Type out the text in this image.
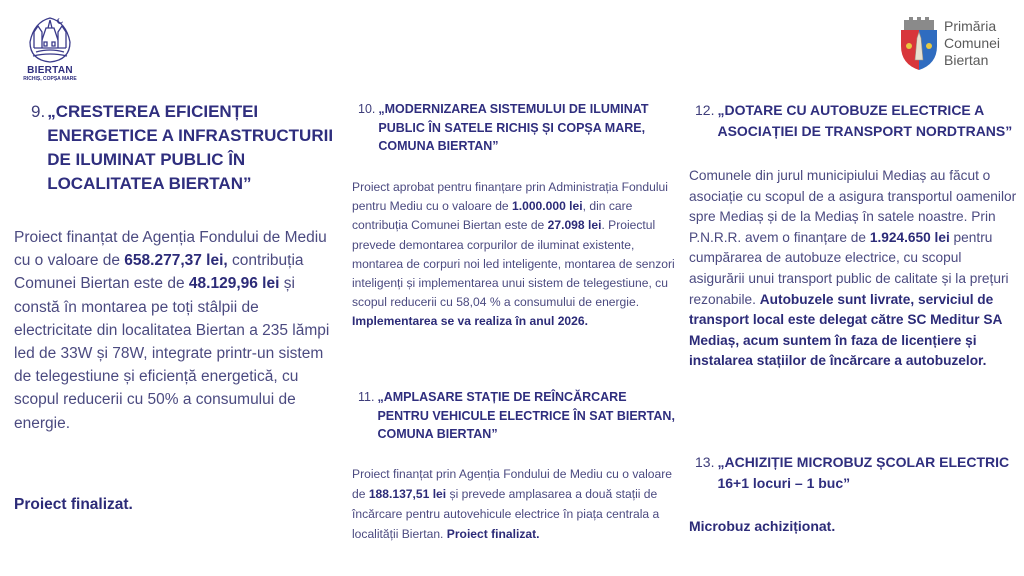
BIERTAN
RICHIȘ, COPȘA MARE
Primăria
Comunei
Biertan
9. „CRESTEREA EFICIENȚEI ENERGETICE A INFRASTRUCTURII DE ILUMINAT PUBLIC ÎN LOCALITATEA BIERTAN”
Proiect finanțat de Agenția Fondului de Mediu cu o valoare de 658.277,37 lei, contribuția Comunei Biertan este de 48.129,96 lei și constă în montarea pe toți stâlpii de electricitate din localitatea Biertan a 235 lămpi led de 33W și 78W, integrate printr-un sistem de telegestiune și eficiență energetică, cu scopul reducerii cu 50% a consumului de energie.
Proiect finalizat.
10. „MODERNIZAREA SISTEMULUI DE ILUMINAT PUBLIC ÎN SATELE RICHIȘ ȘI COPȘA MARE, COMUNA BIERTAN”
Proiect aprobat pentru finanțare prin Administrația Fondului pentru Mediu cu o valoare de 1.000.000 lei, din care contribuția Comunei Biertan este de 27.098 lei. Proiectul prevede demontarea corpurilor de iluminat existente, montarea de corpuri noi led inteligente, montarea de senzori inteligenți și implementarea unui sistem de telegestiune, cu scopul reducerii cu 58,04 % a consumului de energie. Implementarea se va realiza în anul 2026.
11. „AMPLASARE STAȚIE DE REÎNCĂRCARE PENTRU VEHICULE ELECTRICE ÎN SAT BIERTAN, COMUNA BIERTAN”
Proiect finanțat prin Agenția Fondului de Mediu cu o valoare de 188.137,51 lei și prevede amplasarea a două stații de încărcare pentru autovehicule electrice în piața centrala a localității Biertan. Proiect finalizat.
12. „DOTARE CU AUTOBUZE ELECTRICE A ASOCIAȚIEI DE TRANSPORT NORDTRANS”
Comunele din jurul municipiului Mediaș au făcut o asociație cu scopul de a asigura transportul oamenilor spre Mediaș și de la Mediaș în satele noastre. Prin P.N.R.R. avem o finanțare de 1.924.650 lei pentru cumpărarea de autobuze electrice, cu scopul asigurării unui transport public de calitate și la prețuri rezonabile. Autobuzele sunt livrate, serviciul de transport local este delegat către SC Meditur SA Mediaș, acum suntem în faza de licențiere și instalarea stațiilor de încărcare a autobuzelor.
13. „ACHIZIȚIE MICROBUZ ȘCOLAR ELECTRIC 16+1 locuri – 1 buc”
Microbuz achiziționat.
